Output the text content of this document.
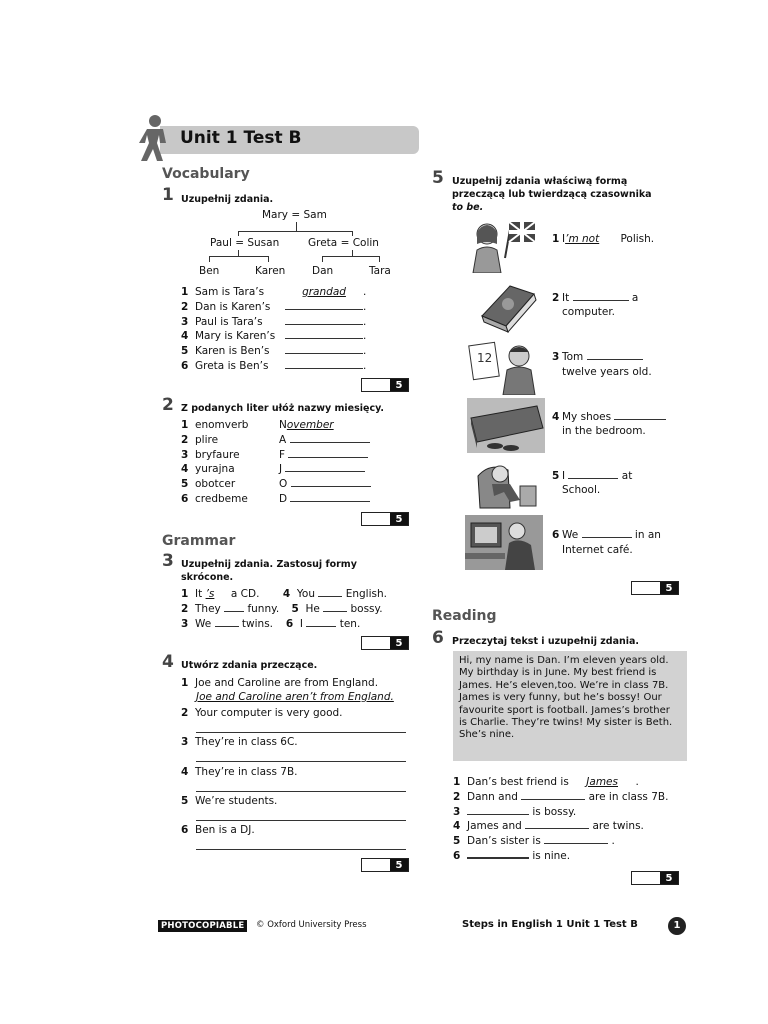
Unit 1 Test B
Vocabulary
1 Uzupełnij zdania.
Mary = Sam
Paul = Susan	Greta = Colin
Ben	Karen	Dan	Tara
1 Sam is Tara’s	grandad .
2 Dan is Karen’s	.
3 Paul is Tara’s	.
4 Mary is Karen’s	.
5 Karen is Ben’s	.
6 Greta is Ben’s	.
5
2 Z podanych liter ułóż nazwy miesięcy.
1 enomverb	November
2 plire	A
3 bryfaure	F
4 yurajna	J
5 obotcer	O
6 credbeme	D
5
Grammar
3 Uzupełnij zdania. Zastosuj formy
skrócone.
1 It ’s a CD. 4 You	English.
2 They	funny. 5 He	bossy.
3 We	twins. 6 I	ten.
5
4 Utwórz zdania przeczące.
1 Joe and Caroline are from England.
Joe and Caroline aren’t from England.
2 Your computer is very good.
3 They’re in class 6C.
4 They’re in class 7B.
5 We’re students.
6 Ben is a DJ.
5
5 Uzupełnij zdania właściwą formą
przeczącą lub twierdzącą czasownika
to be.
12
1 I’m not Polish.
2 It	a
computer.
3 Tom
twelve years old.
4 My shoes
in the bedroom.
5 I	at
School.
6 We	in an
Internet café.
5
Reading
6 Przeczytaj tekst i uzupełnij zdania.
Hi, my name is Dan. I’m eleven years old. My birthday is in June. My best friend is James. He’s eleven,too. We’re in class 7B. James is very funny, but he’s bossy! Our favourite sport is football. James’s brother is Charlie. They’re twins! My sister is Beth. She’s nine.
1 Dan’s best friend is James .
2 Dann and	are in class 7B.
3	is bossy.
4 James and	are twins.
5 Dan’s sister is	.
6	is nine.
5
PHOTOCOPIABLE	© Oxford University Press	Steps in English 1 Unit 1 Test B	1
